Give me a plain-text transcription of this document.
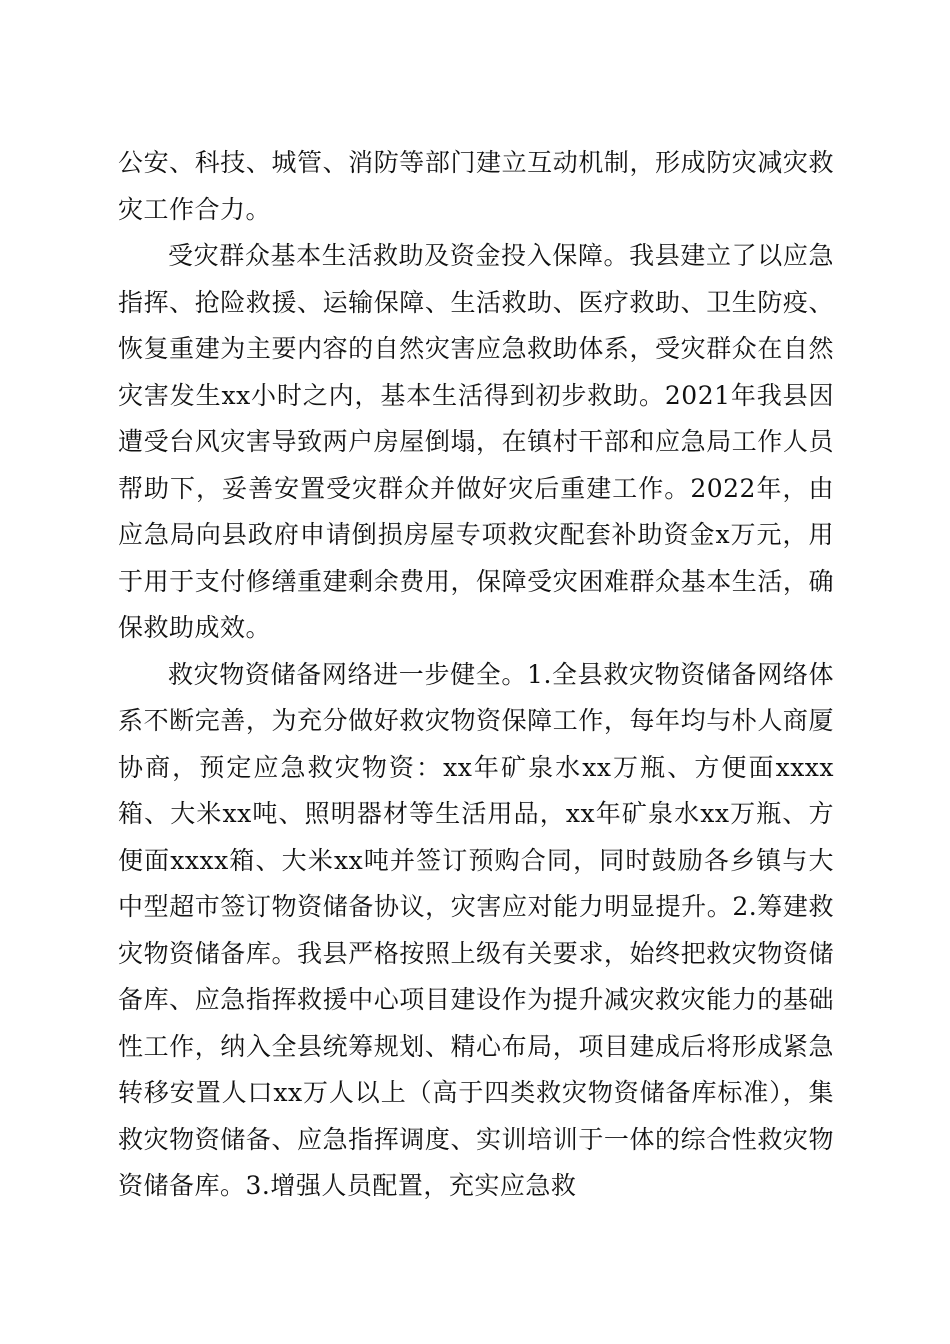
公安、科技、城管、消防等部门建立互动机制，形成防灾减灾救灾工作合力。

受灾群众基本生活救助及资金投入保障。我县建立了以应急指挥、抢险救援、运输保障、生活救助、医疗救助、卫生防疫、恢复重建为主要内容的自然灾害应急救助体系，受灾群众在自然灾害发生xx小时之内，基本生活得到初步救助。2021年我县因遭受台风灾害导致两户房屋倒塌，在镇村干部和应急局工作人员帮助下，妥善安置受灾群众并做好灾后重建工作。2022年，由应急局向县政府申请倒损房屋专项救灾配套补助资金x万元，用于用于支付修缮重建剩余费用，保障受灾困难群众基本生活，确保救助成效。

救灾物资储备网络进一步健全。1.全县救灾物资储备网络体系不断完善，为充分做好救灾物资保障工作，每年均与朴人商厦协商，预定应急救灾物资：xx年矿泉水xx万瓶、方便面xxxx箱、大米xx吨、照明器材等生活用品，xx年矿泉水xx万瓶、方便面xxxx箱、大米xx吨并签订预购合同，同时鼓励各乡镇与大中型超市签订物资储备协议，灾害应对能力明显提升。2.筹建救灾物资储备库。我县严格按照上级有关要求，始终把救灾物资储备库、应急指挥救援中心项目建设作为提升减灾救灾能力的基础性工作，纳入全县统筹规划、精心布局，项目建成后将形成紧急转移安置人口xx万人以上（高于四类救灾物资储备库标准），集救灾物资储备、应急指挥调度、实训培训于一体的综合性救灾物资储备库。3.增强人员配置，充实应急救
